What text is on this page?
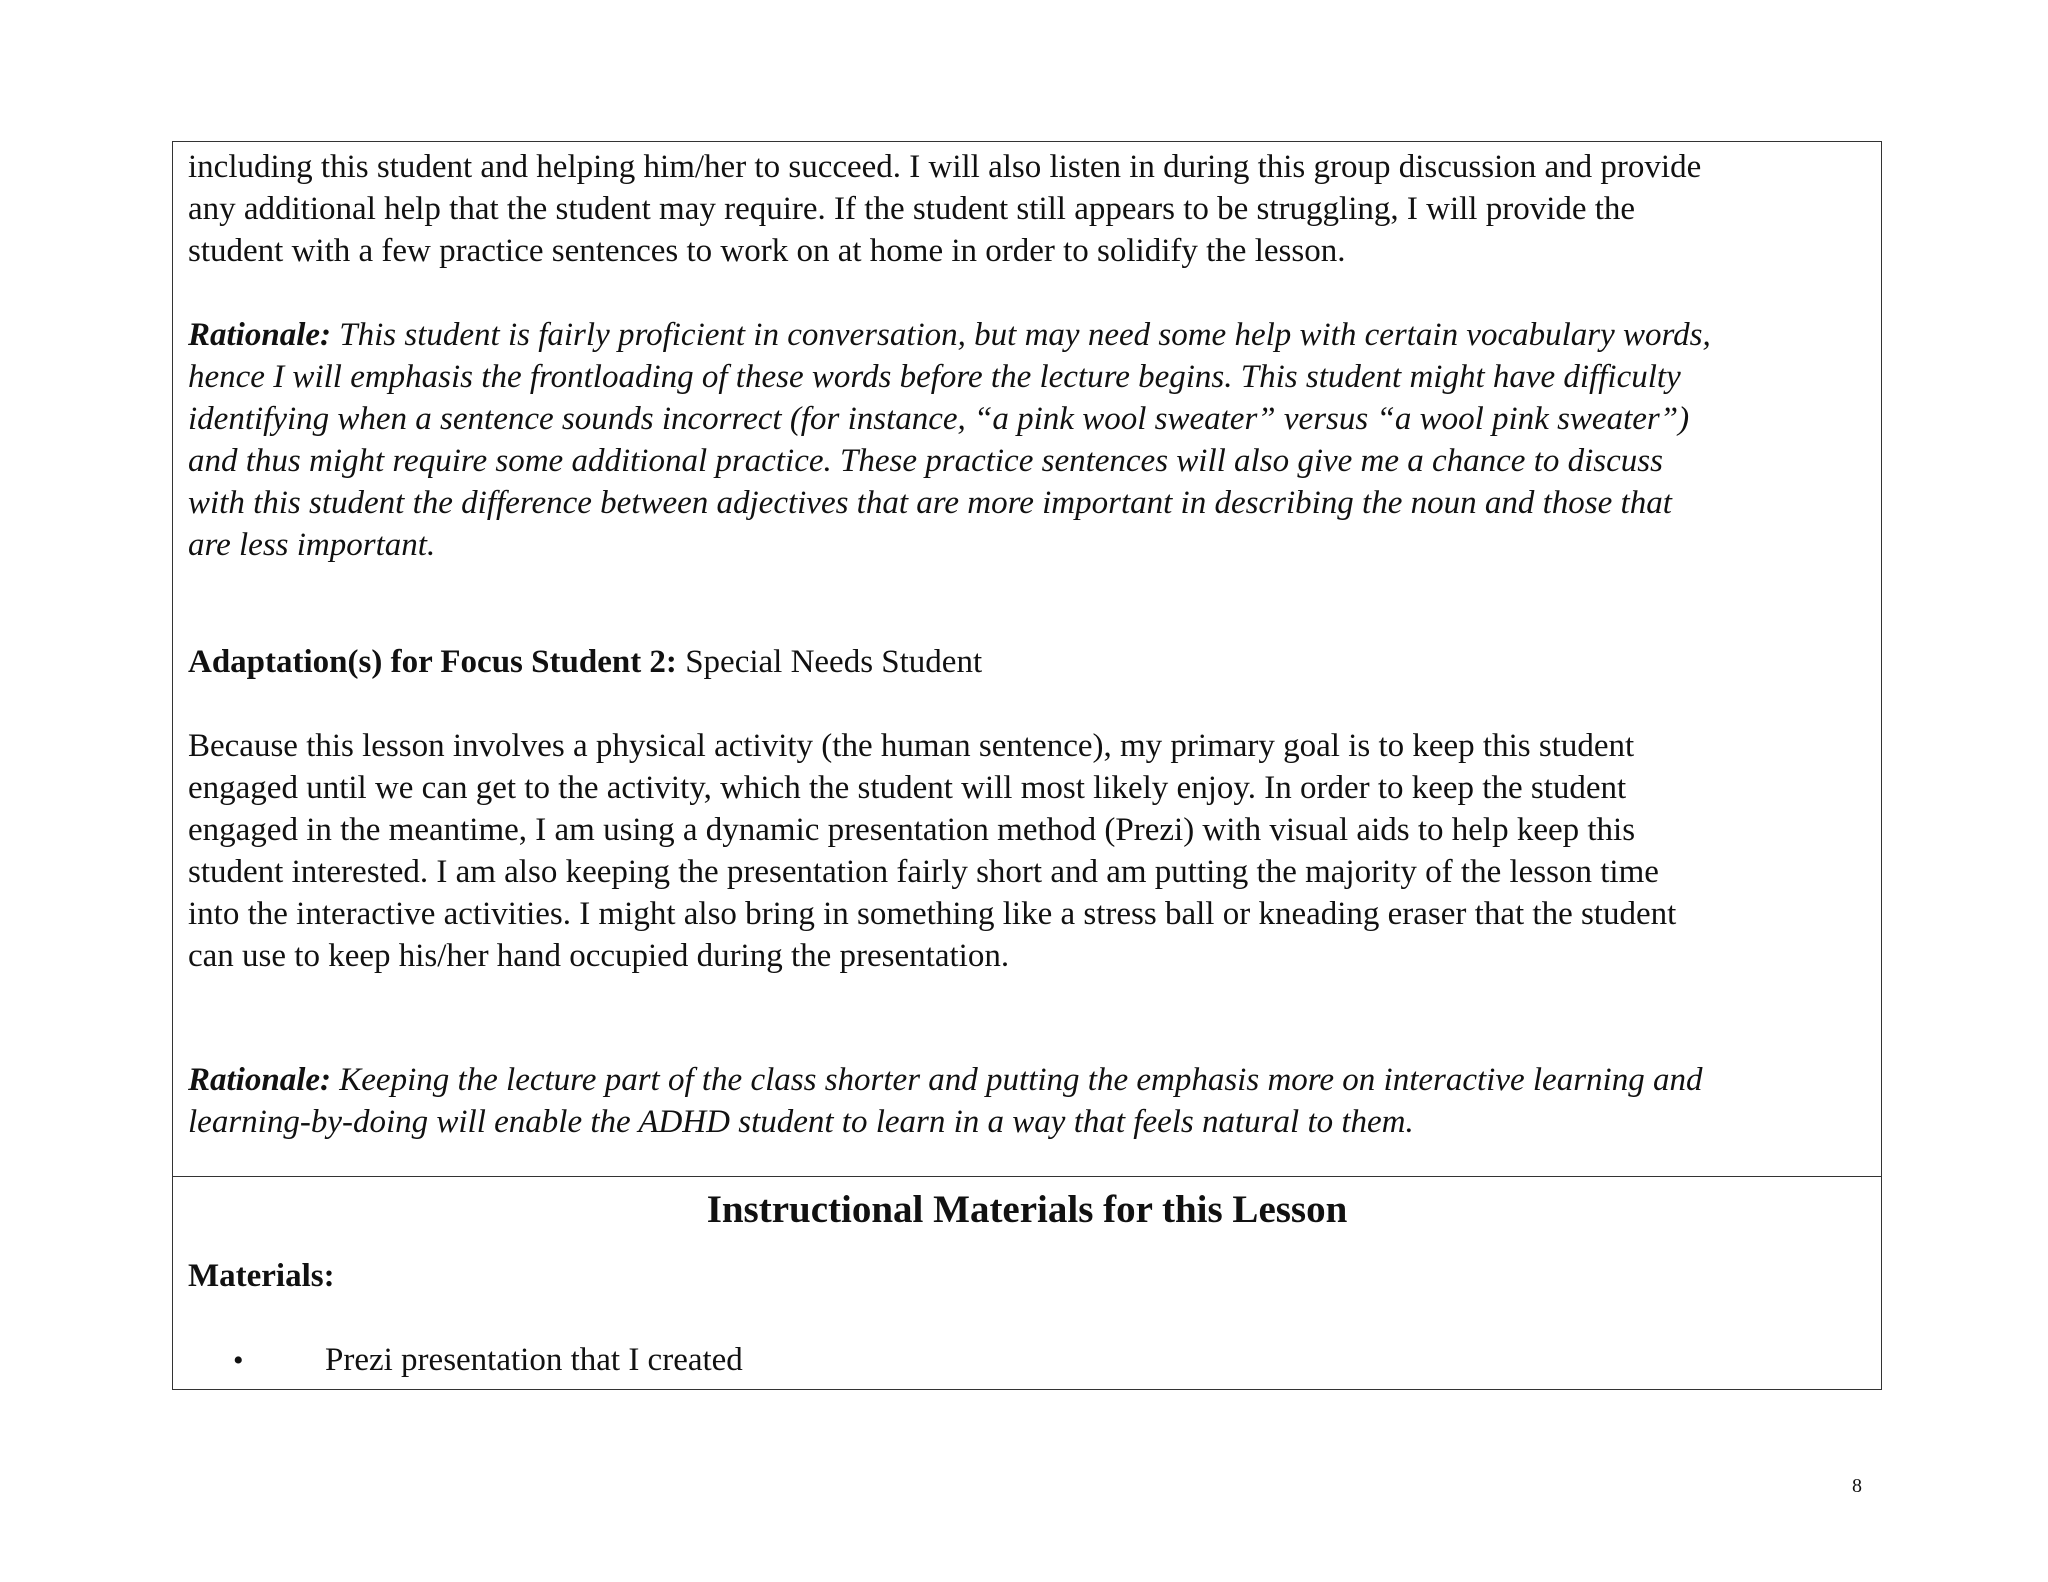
including this student and helping him/her to succeed. I will also listen in during this group discussion and provide
any additional help that the student may require. If the student still appears to be struggling, I will provide the
student with a few practice sentences to work on at home in order to solidify the lesson.
Rationale: This student is fairly proficient in conversation, but may need some help with certain vocabulary words,
hence I will emphasis the frontloading of these words before the lecture begins. This student might have difficulty
identifying when a sentence sounds incorrect (for instance, “a pink wool sweater” versus “a wool pink sweater”)
and thus might require some additional practice. These practice sentences will also give me a chance to discuss
with this student the difference between adjectives that are more important in describing the noun and those that
are less important.
Adaptation(s) for Focus Student 2: Special Needs Student
Because this lesson involves a physical activity (the human sentence), my primary goal is to keep this student
engaged until we can get to the activity, which the student will most likely enjoy. In order to keep the student
engaged in the meantime, I am using a dynamic presentation method (Prezi) with visual aids to help keep this
student interested. I am also keeping the presentation fairly short and am putting the majority of the lesson time
into the interactive activities. I might also bring in something like a stress ball or kneading eraser that the student
can use to keep his/her hand occupied during the presentation.
Rationale: Keeping the lecture part of the class shorter and putting the emphasis more on interactive learning and
learning-by-doing will enable the ADHD student to learn in a way that feels natural to them.
Instructional Materials for this Lesson
Materials:
• Prezi presentation that I created
8
